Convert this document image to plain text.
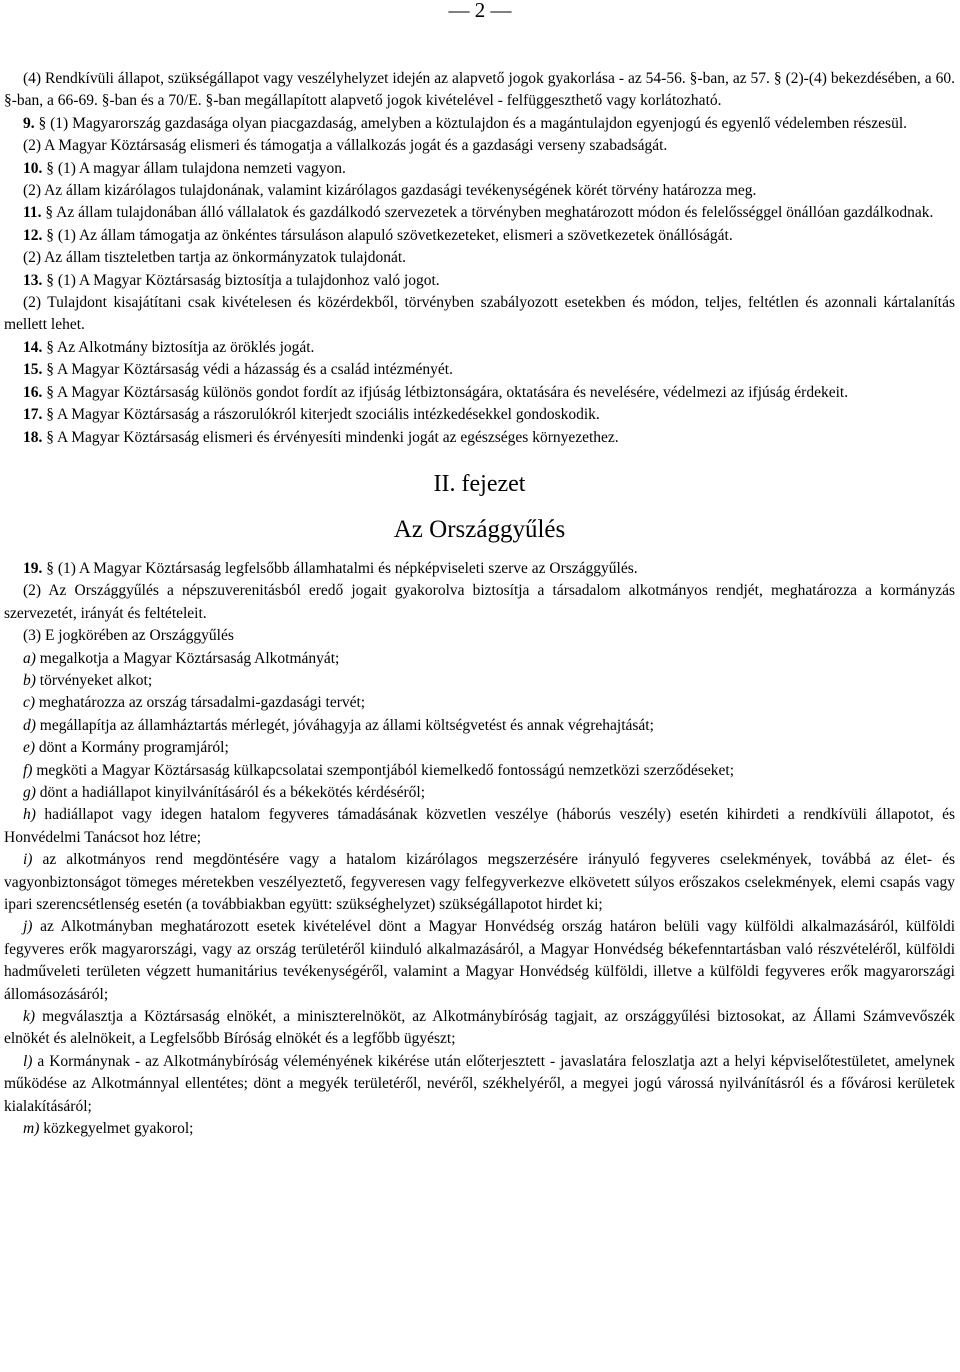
— 2 —

(4) Rendkívüli állapot, szükségállapot vagy veszélyhelyzet idején az alapvető jogok gyakorlása - az 54-56. §-ban, az 57. § (2)-(4) bekezdésében, a 60. §-ban, a 66-69. §-ban és a 70/E. §-ban megállapított alapvető jogok kivételével - felfüggeszthető vagy korlátozható.

9. § (1) Magyarország gazdasága olyan piacgazdaság, amelyben a köztulajdon és a magántulajdon egyenjogú és egyenlő védelemben részesül.

(2) A Magyar Köztársaság elismeri és támogatja a vállalkozás jogát és a gazdasági verseny szabadságát.

10. § (1) A magyar állam tulajdona nemzeti vagyon.

(2) Az állam kizárólagos tulajdonának, valamint kizárólagos gazdasági tevékenységének körét törvény határozza meg.

11. § Az állam tulajdonában álló vállalatok és gazdálkodó szervezetek a törvényben meghatározott módon és felelősséggel önállóan gazdálkodnak.

12. § (1) Az állam támogatja az önkéntes társuláson alapuló szövetkezeteket, elismeri a szövetkezetek önállóságát.

(2) Az állam tiszteletben tartja az önkormányzatok tulajdonát.

13. § (1) A Magyar Köztársaság biztosítja a tulajdonhoz való jogot.

(2) Tulajdont kisajátítani csak kivételesen és közérdekből, törvényben szabályozott esetekben és módon, teljes, feltétlen és azonnali kártalanítás mellett lehet.

14. § Az Alkotmány biztosítja az öröklés jogát.

15. § A Magyar Köztársaság védi a házasság és a család intézményét.

16. § A Magyar Köztársaság különös gondot fordít az ifjúság létbiztonságára, oktatására és nevelésére, védelmezi az ifjúság érdekeit.

17. § A Magyar Köztársaság a rászorulókról kiterjedt szociális intézkedésekkel gondoskodik.

18. § A Magyar Köztársaság elismeri és érvényesíti mindenki jogát az egészséges környezethez.

II. fejezet
Az Országgyűlés

19. § (1) A Magyar Köztársaság legfelsőbb államhatalmi és népképviseleti szerve az Országgyűlés.

(2) Az Országgyűlés a népszuverenitásból eredő jogait gyakorolva biztosítja a társadalom alkotmányos rendjét, meghatározza a kormányzás szervezetét, irányát és feltételeit.

(3) E jogkörében az Országgyűlés

a) megalkotja a Magyar Köztársaság Alkotmányát;

b) törvényeket alkot;

c) meghatározza az ország társadalmi-gazdasági tervét;

d) megállapítja az államháztartás mérlegét, jóváhagyja az állami költségvetést és annak végrehajtását;

e) dönt a Kormány programjáról;

f) megköti a Magyar Köztársaság külkapcsolatai szempontjából kiemelkedő fontosságú nemzetközi szerződéseket;

g) dönt a hadiállapot kinyilvánításáról és a békekötés kérdéséről;

h) hadiállapot vagy idegen hatalom fegyveres támadásának közvetlen veszélye (háborús veszély) esetén kihirdeti a rendkívüli állapotot, és Honvédelmi Tanácsot hoz létre;

i) az alkotmányos rend megdöntésére vagy a hatalom kizárólagos megszerzésére irányuló fegyveres cselekmények, továbbá az élet- és vagyonbiztonságot tömeges méretekben veszélyeztető, fegyveresen vagy felfegyverkezve elkövetett súlyos erőszakos cselekmények, elemi csapás vagy ipari szerencsétlenség esetén (a továbbiakban együtt: szükséghelyzet) szükségállapotot hirdet ki;

j) az Alkotmányban meghatározott esetek kivételével dönt a Magyar Honvédség ország határon belüli vagy külföldi alkalmazásáról, külföldi fegyveres erők magyarországi, vagy az ország területéről kiinduló alkalmazásáról, a Magyar Honvédség békefenntartásban való részvételéről, külföldi hadműveleti területen végzett humanitárius tevékenységéről, valamint a Magyar Honvédség külföldi, illetve a külföldi fegyveres erők magyarországi állomásozásáról;

k) megválasztja a Köztársaság elnökét, a miniszterelnököt, az Alkotmánybíróság tagjait, az országgyűlési biztosokat, az Állami Számvevőszék elnökét és alelnökeit, a Legfelsőbb Bíróság elnökét és a legfőbb ügyészt;

l) a Kormánynak - az Alkotmánybíróság véleményének kikérése után előterjesztett - javaslatára feloszlatja azt a helyi képviselőtestületet, amelynek működése az Alkotmánnyal ellentétes; dönt a megyék területéről, nevéről, székhelyéről, a megyei jogú várossá nyilvánításról és a fővárosi kerületek kialakításáról;

m) közkegyelmet gyakorol;
